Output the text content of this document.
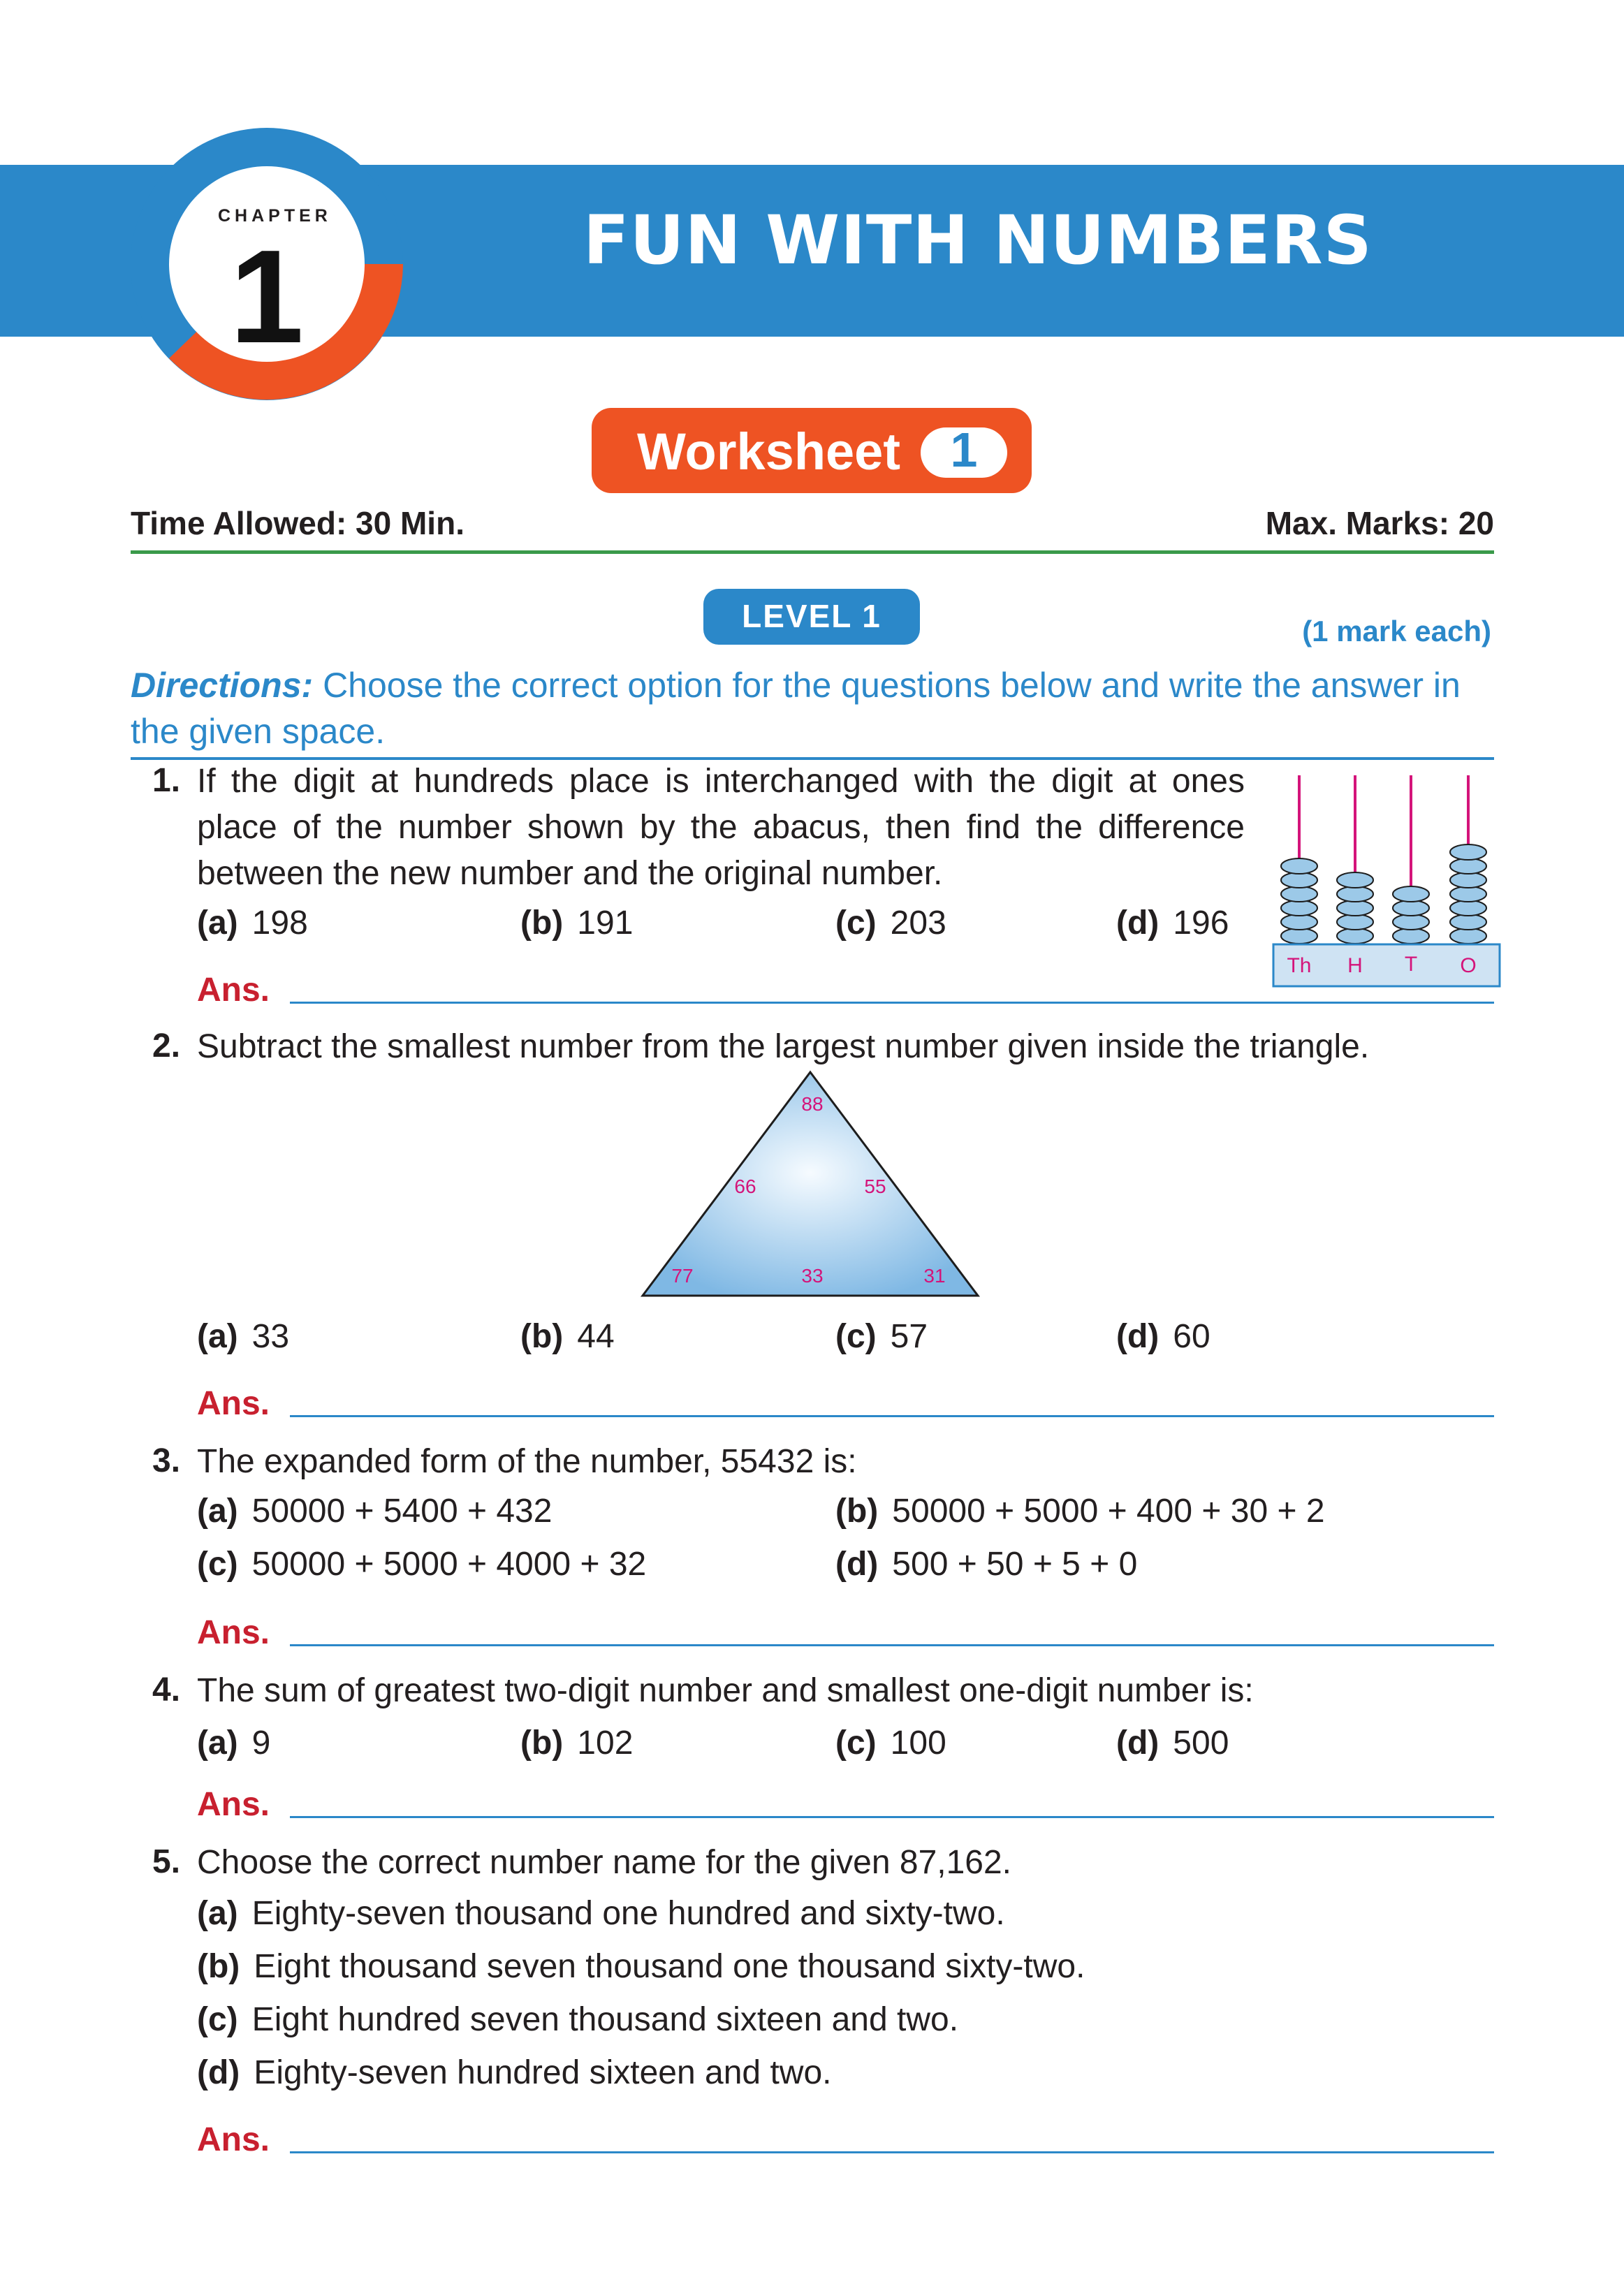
FUN WITH NUMBERS
CHAPTER
1
Worksheet	1
Time Allowed: 30 Min.	Max. Marks: 20
LEVEL 1	(1 mark each)
Directions: Choose the correct option for the questions below and write the answer in the given space.
1. If the digit at hundreds place is interchanged with the digit at ones place of the number shown by the abacus, then find the difference between the new number and the original number.
(a) 198	(b) 191	(c) 203	(d) 196
Ans.
Th H T O
2. Subtract the smallest number from the largest number given inside the triangle.
88
66	55
77	33	31
(a) 33	(b) 44	(c) 57	(d) 60
Ans.
3. The expanded form of the number, 55432 is:
(a) 50000 + 5400 + 432	(b) 50000 + 5000 + 400 + 30 + 2
(c) 50000 + 5000 + 4000 + 32	(d) 500 + 50 + 5 + 0
Ans.
4. The sum of greatest two-digit number and smallest one-digit number is:
(a) 9	(b) 102	(c) 100	(d) 500
Ans.
5. Choose the correct number name for the given 87,162.
(a) Eighty-seven thousand one hundred and sixty-two.
(b) Eight thousand seven thousand one thousand sixty-two.
(c) Eight hundred seven thousand sixteen and two.
(d) Eighty-seven hundred sixteen and two.
Ans.
